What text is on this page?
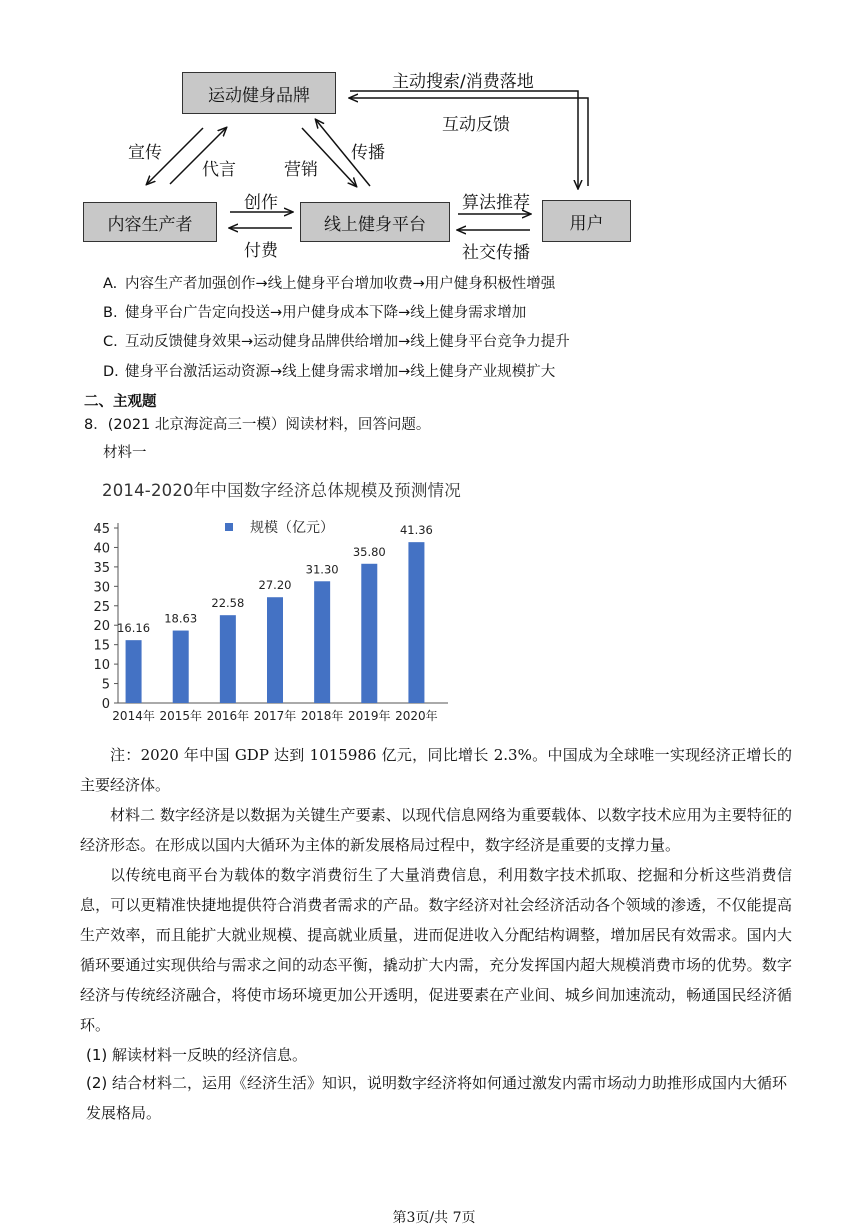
运动健身品牌
内容生产者	线上健身平台	用户
主动搜索/消费落地
互动反馈
宣传
代言	营销
传播
创作
付费
算法推荐
社交传播
A. 内容生产者加强创作→线上健身平台增加收费→用户健身积极性增强
B. 健身平台广告定向投送→用户健身成本下降→线上健身需求增加
C. 互动反馈健身效果→运动健身品牌供给增加→线上健身平台竞争力提升
D. 健身平台激活运动资源→线上健身需求增加→线上健身产业规模扩大
二、主观题
8．(2021 北京海淀高三一模）阅读材料，回答问题。
材料一
2014-2020年中国数字经济总体规模及预测情况
0
5
10
15
20
25
30
35
40
45	规模（亿元）
16.16
2014年
18.63
2015年
22.58
2016年
27.20
2017年
31.30
2018年
35.80
2019年
41.36
2020年
注：2020 年中国 GDP 达到 1015986 亿元，同比增长 2.3%。中国成为全球唯一实现经济正增长的主要经济体。
材料二 数字经济是以数据为关键生产要素、以现代信息网络为重要载体、以数字技术应用为主要特征的经济形态。在形成以国内大循环为主体的新发展格局过程中，数字经济是重要的支撑力量。
以传统电商平台为载体的数字消费衍生了大量消费信息，利用数字技术抓取、挖掘和分析这些消费信息，可以更精准快捷地提供符合消费者需求的产品。数字经济对社会经济活动各个领域的渗透，不仅能提高生产效率，而且能扩大就业规模、提高就业质量，进而促进收入分配结构调整，增加居民有效需求。国内大循环要通过实现供给与需求之间的动态平衡，撬动扩大内需，充分发挥国内超大规模消费市场的优势。数字经济与传统经济融合，将使市场环境更加公开透明，促进要素在产业间、城乡间加速流动，畅通国民经济循环。
(1) 解读材料一反映的经济信息。
(2) 结合材料二，运用《经济生活》知识，说明数字经济将如何通过激发内需市场动力助推形成国内大循环发展格局。
第3页/共 7页
